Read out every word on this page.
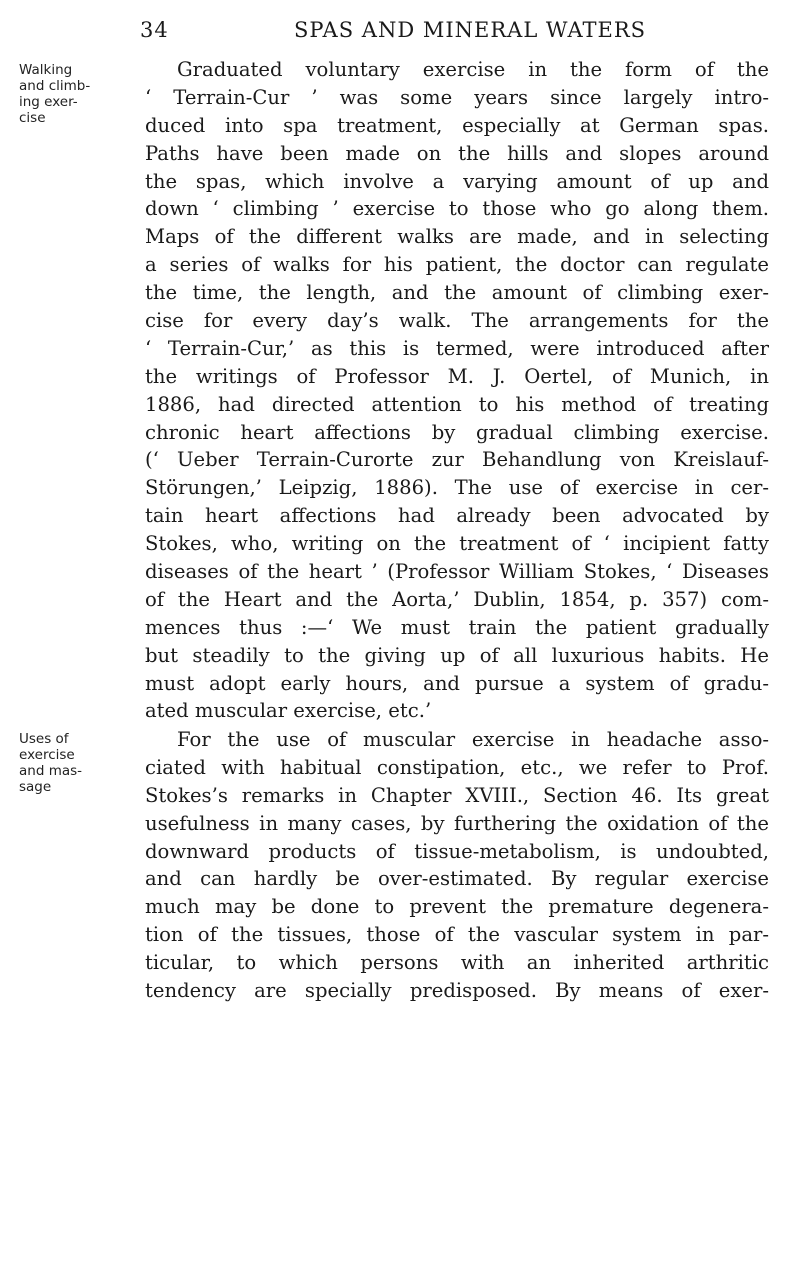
34	SPAS AND MINERAL WATERS
Walking
and climb-
ing exer-
cise
Uses of
exercise
and mas-
sage
Graduated voluntary exercise in the form of the
‘ Terrain-Cur ’ was some years since largely intro-
duced into spa treatment, especially at German spas.
Paths have been made on the hills and slopes around
the spas, which involve a varying amount of up and
down ‘ climbing ’ exercise to those who go along them.
Maps of the different walks are made, and in selecting
a series of walks for his patient, the doctor can regulate
the time, the length, and the amount of climbing exer-
cise for every day’s walk. The arrangements for the
‘ Terrain-Cur,’ as this is termed, were introduced after
the writings of Professor M. J. Oertel, of Munich, in
1886, had directed attention to his method of treating
chronic heart affections by gradual climbing exercise.
(‘ Ueber Terrain-Curorte zur Behandlung von Kreislauf-
Störungen,’ Leipzig, 1886). The use of exercise in cer-
tain heart affections had already been advocated by
Stokes, who, writing on the treatment of ‘ incipient fatty
diseases of the heart ’ (Professor William Stokes, ‘ Diseases
of the Heart and the Aorta,’ Dublin, 1854, p. 357) com-
mences thus :—‘ We must train the patient gradually
but steadily to the giving up of all luxurious habits. He
must adopt early hours, and pursue a system of gradu-
ated muscular exercise, etc.’
For the use of muscular exercise in headache asso-
ciated with habitual constipation, etc., we refer to Prof.
Stokes’s remarks in Chapter XVIII., Section 46. Its great
usefulness in many cases, by furthering the oxidation of the
downward products of tissue-metabolism, is undoubted,
and can hardly be over-estimated. By regular exercise
much may be done to prevent the premature degenera-
tion of the tissues, those of the vascular system in par-
ticular, to which persons with an inherited arthritic
tendency are specially predisposed. By means of exer-
